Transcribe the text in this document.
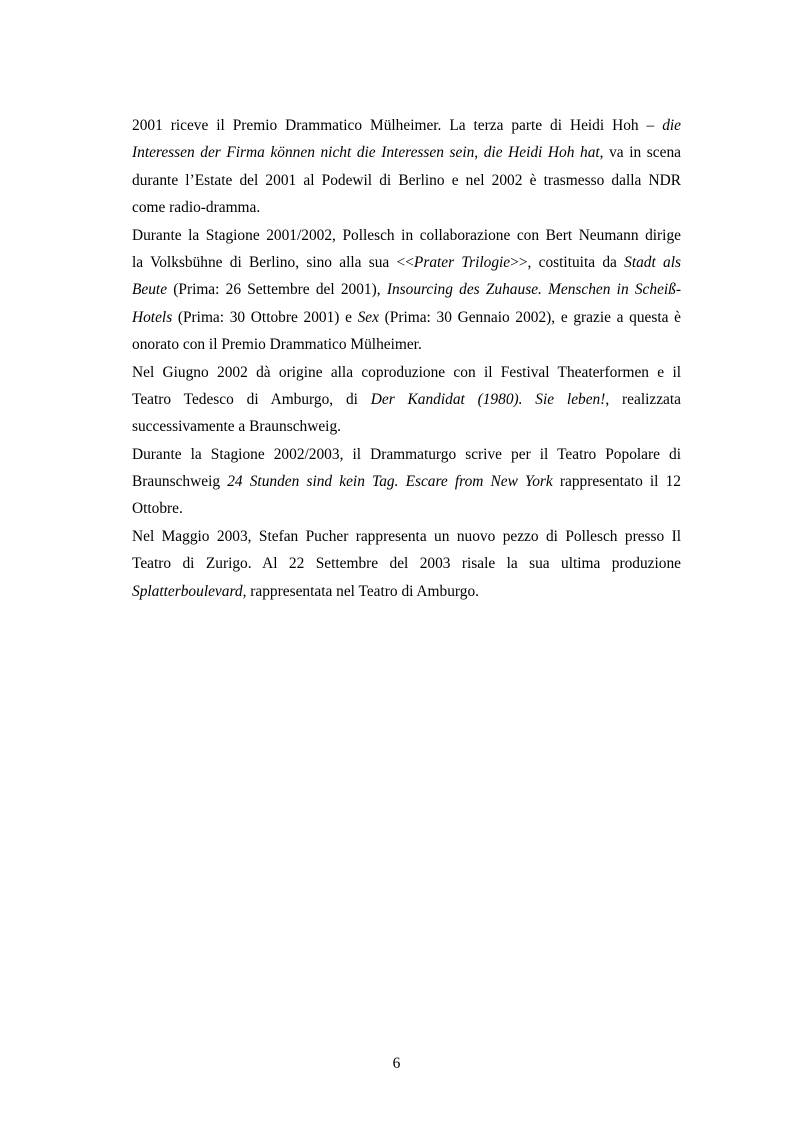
2001 riceve il Premio Drammatico Mülheimer. La terza parte di Heidi Hoh – die
Interessen der Firma können nicht die Interessen sein, die Heidi Hoh hat, va in scena
durante l’Estate del 2001 al Podewil di Berlino e nel 2002 è trasmesso dalla NDR
come radio-dramma.
Durante la Stagione 2001/2002, Pollesch in collaborazione con Bert Neumann dirige
la Volksbühne di Berlino, sino alla sua <<Prater Trilogie>>, costituita da Stadt als
Beute (Prima: 26 Settembre del 2001), Insourcing des Zuhause. Menschen in Scheiß-
Hotels (Prima: 30 Ottobre 2001) e Sex (Prima: 30 Gennaio 2002), e grazie a questa è
onorato con il Premio Drammatico Mülheimer.
Nel Giugno 2002 dà origine alla coproduzione con il Festival Theaterformen e il
Teatro Tedesco di Amburgo, di Der Kandidat (1980). Sie leben!, realizzata
successivamente a Braunschweig.
Durante la Stagione 2002/2003, il Drammaturgo scrive per il Teatro Popolare di
Braunschweig 24 Stunden sind kein Tag. Escare from New York rappresentato il 12
Ottobre.
Nel Maggio 2003, Stefan Pucher rappresenta un nuovo pezzo di Pollesch presso Il
Teatro di Zurigo. Al 22 Settembre del 2003 risale la sua ultima produzione
Splatterboulevard, rappresentata nel Teatro di Amburgo.
6
